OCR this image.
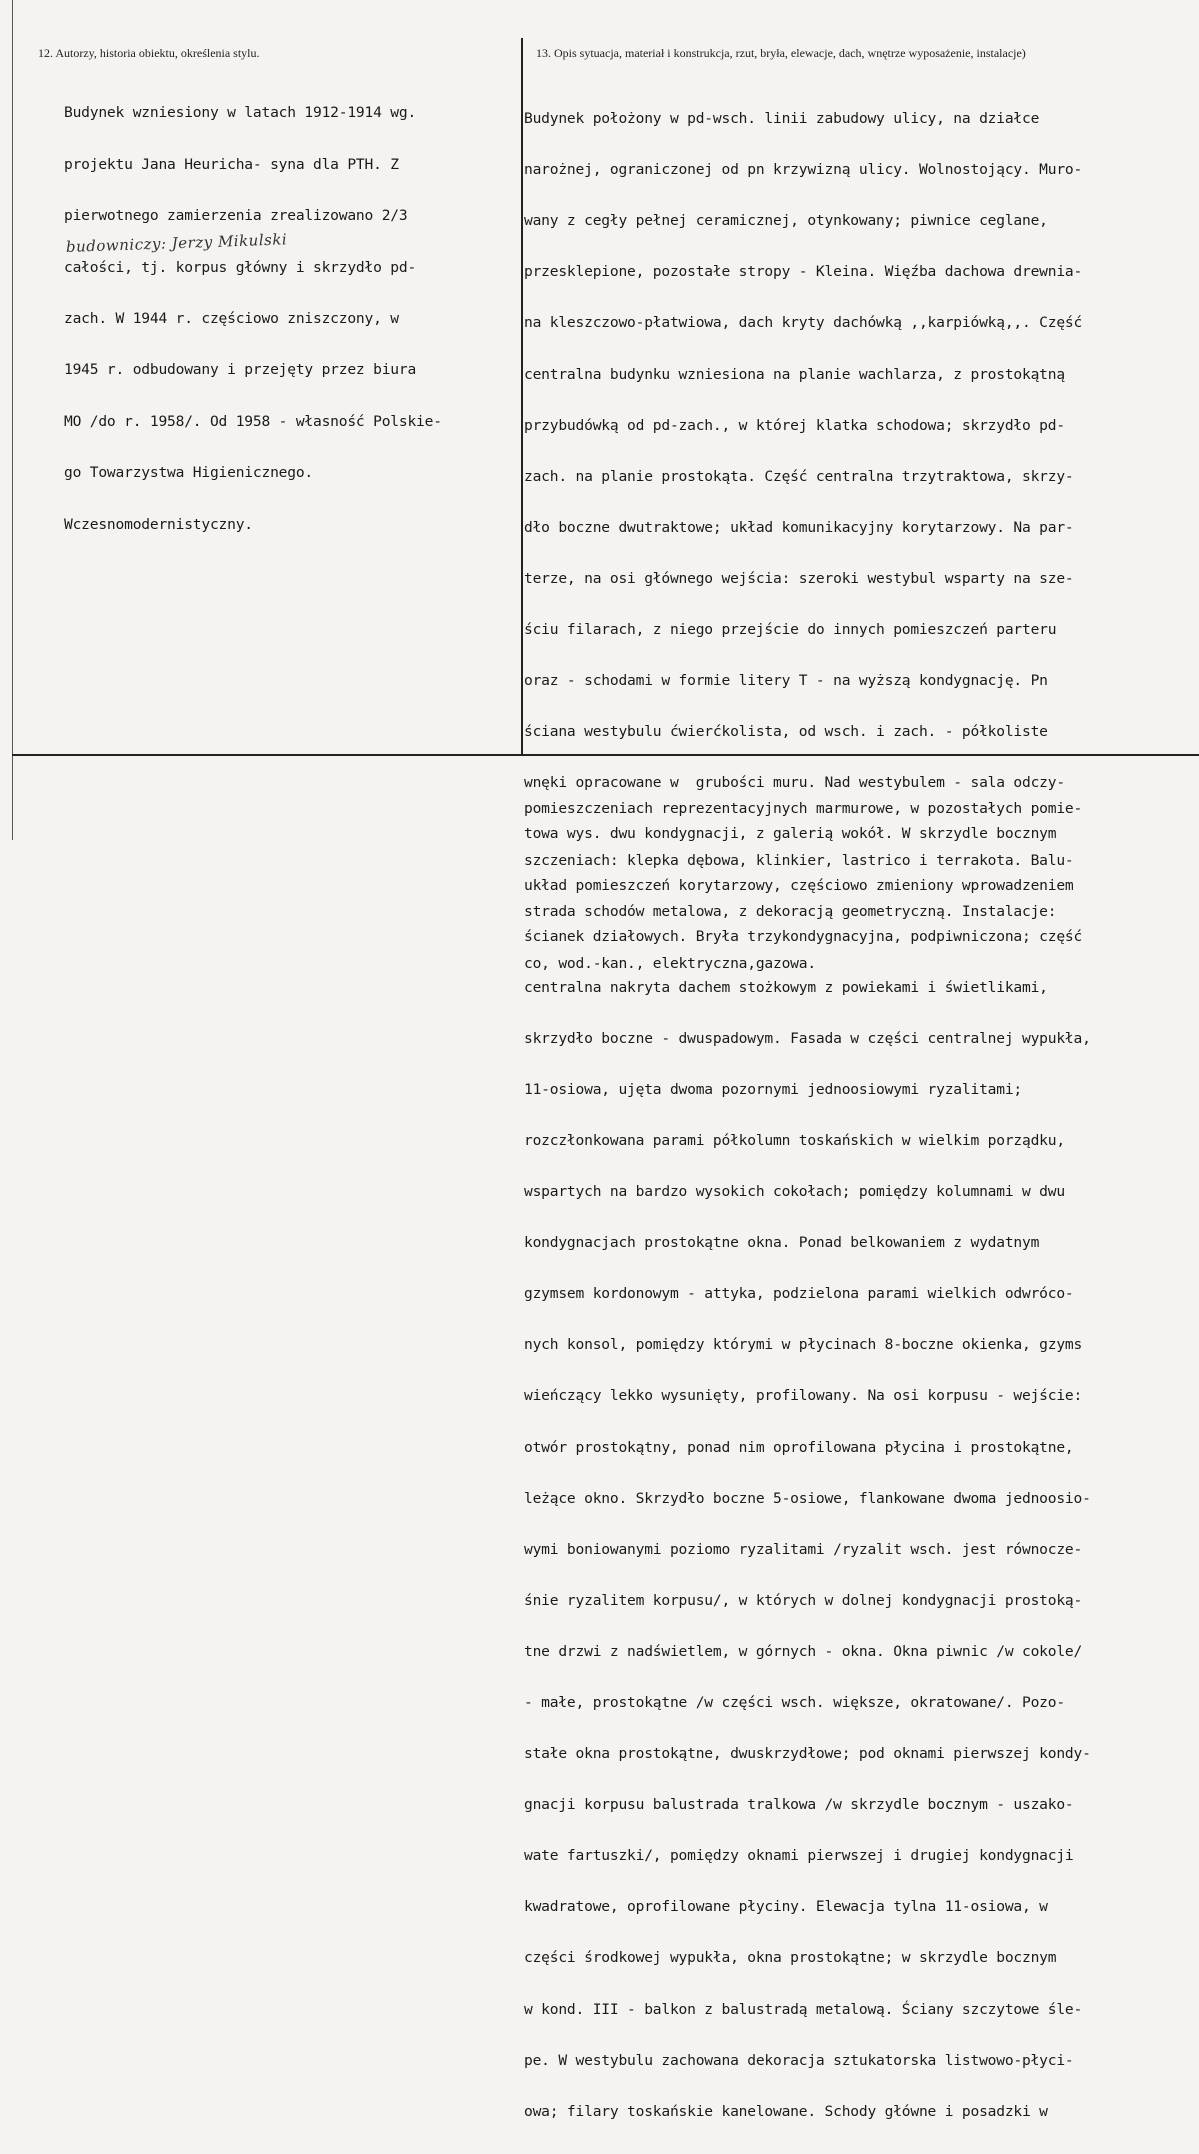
12. Autorzy, historia obiektu, określenia stylu.	13. Opis sytuacja, materiał i konstrukcja, rzut, bryła, elewacje, dach, wnętrze wyposażenie, instalacje)

Budynek wzniesiony w latach 1912-1914 wg.

projektu Jana Heuricha- syna dla PTH. Z

pierwotnego zamierzenia zrealizowano 2/3

całości, tj. korpus główny i skrzydło pd-

zach. W 1944 r. częściowo zniszczony, w

1945 r. odbudowany i przejęty przez biura

MO /do r. 1958/. Od 1958 - własność Polskie-

go Towarzystwa Higienicznego.

Wczesnomodernistyczny.

budowniczy: Jerzy Mikulski

Budynek położony w pd-wsch. linii zabudowy ulicy, na działce

narożnej, ograniczonej od pn krzywizną ulicy. Wolnostojący. Muro-

wany z cegły pełnej ceramicznej, otynkowany; piwnice ceglane,

przesklepione, pozostałe stropy - Kleina. Więźba dachowa drewnia-

na kleszczowo-płatwiowa, dach kryty dachówką ,,karpiówką,,. Część

centralna budynku wzniesiona na planie wachlarza, z prostokątną

przybudówką od pd-zach., w której klatka schodowa; skrzydło pd-

zach. na planie prostokąta. Część centralna trzytraktowa, skrzy-

dło boczne dwutraktowe; układ komunikacyjny korytarzowy. Na par-

terze, na osi głównego wejścia: szeroki westybul wsparty na sze-

ściu filarach, z niego przejście do innych pomieszczeń parteru

oraz - schodami w formie litery T - na wyższą kondygnację. Pn

ściana westybulu ćwierćkolista, od wsch. i zach. - półkoliste

wnęki opracowane w  grubości muru. Nad westybulem - sala odczy-

towa wys. dwu kondygnacji, z galerią wokół. W skrzydle bocznym

układ pomieszczeń korytarzowy, częściowo zmieniony wprowadzeniem

ścianek działowych. Bryła trzykondygnacyjna, podpiwniczona; część

centralna nakryta dachem stożkowym z powiekami i świetlikami,

skrzydło boczne - dwuspadowym. Fasada w części centralnej wypukła,

11-osiowa, ujęta dwoma pozornymi jednoosiowymi ryzalitami;

rozczłonkowana parami półkolumn toskańskich w wielkim porządku,

wspartych na bardzo wysokich cokołach; pomiędzy kolumnami w dwu

kondygnacjach prostokątne okna. Ponad belkowaniem z wydatnym

gzymsem kordonowym - attyka, podzielona parami wielkich odwróco-

nych konsol, pomiędzy którymi w płycinach 8-boczne okienka, gzyms

wieńczący lekko wysunięty, profilowany. Na osi korpusu - wejście:

otwór prostokątny, ponad nim oprofilowana płycina i prostokątne,

leżące okno. Skrzydło boczne 5-osiowe, flankowane dwoma jednoosio-

wymi boniowanymi poziomo ryzalitami /ryzalit wsch. jest równocze-

śnie ryzalitem korpusu/, w których w dolnej kondygnacji prostoką-

tne drzwi z nadświetlem, w górnych - okna. Okna piwnic /w cokole/

- małe, prostokątne /w części wsch. większe, okratowane/. Pozo-

stałe okna prostokątne, dwuskrzydłowe; pod oknami pierwszej kondy-

gnacji korpusu balustrada tralkowa /w skrzydle bocznym - uszako-

wate fartuszki/, pomiędzy oknami pierwszej i drugiej kondygnacji

kwadratowe, oprofilowane płyciny. Elewacja tylna 11-osiowa, w

części środkowej wypukła, okna prostokątne; w skrzydle bocznym

w kond. III - balkon z balustradą metalową. Ściany szczytowe śle-

pe. W westybulu zachowana dekoracja sztukatorska listwowo-płyci-

owa; filary toskańskie kanelowane. Schody główne i posadzki w

pomieszczeniach reprezentacyjnych marmurowe, w pozostałych pomie-

szczeniach: klepka dębowa, klinkier, lastrico i terrakota. Balu-

strada schodów metalowa, z dekoracją geometryczną. Instalacje:

co, wod.-kan., elektryczna,gazowa.
